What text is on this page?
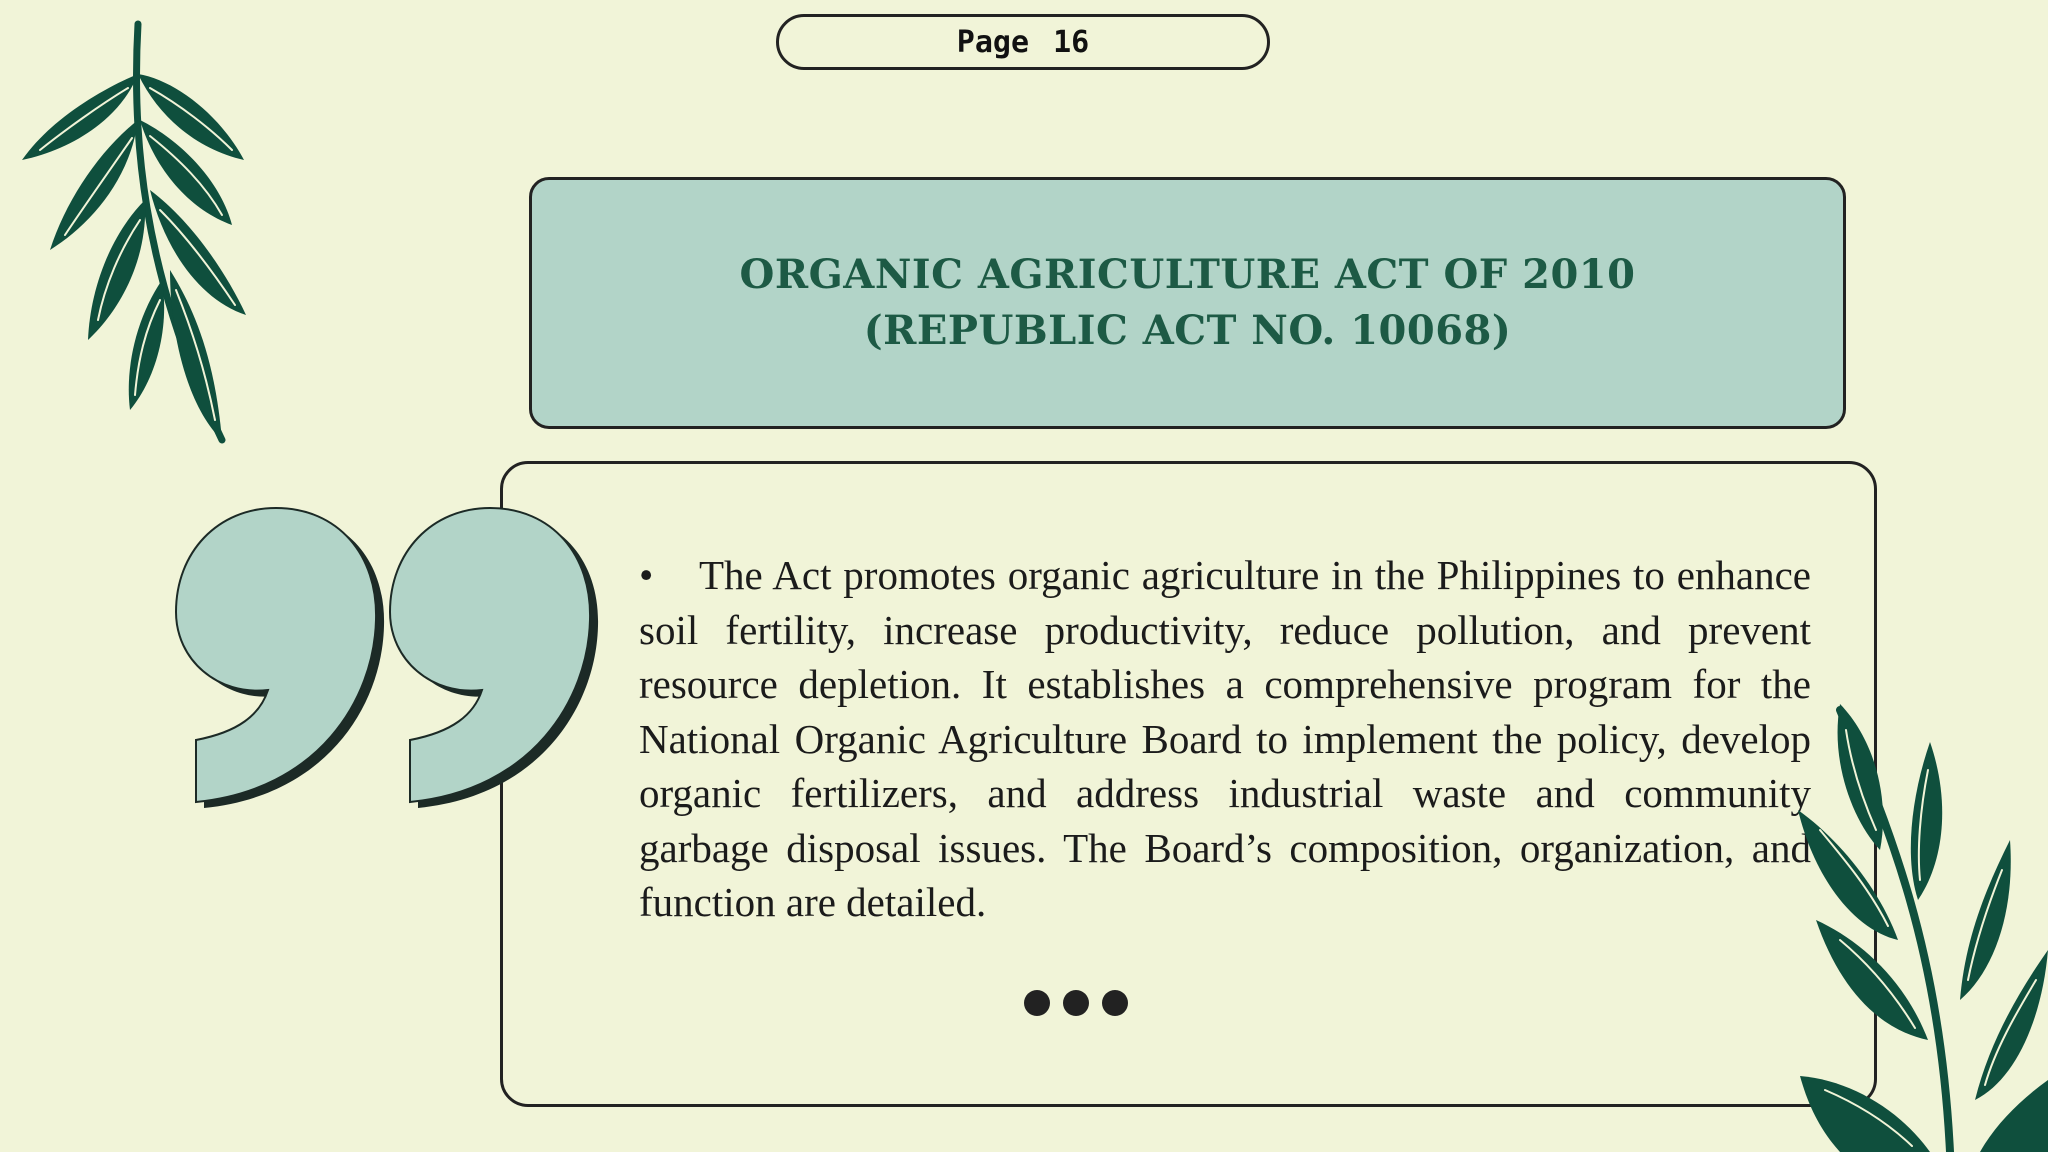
Page 16
ORGANIC AGRICULTURE ACT OF 2010
(REPUBLIC ACT NO. 10068)
• The Act promotes organic agriculture in the Philippines to enhance soil fertility, increase productivity, reduce pollution, and prevent resource depletion. It establishes a comprehensive program for the National Organic Agriculture Board to implement the policy, develop organic fertilizers, and address industrial waste and community garbage disposal issues. The Board’s composition, organization, and function are detailed.
